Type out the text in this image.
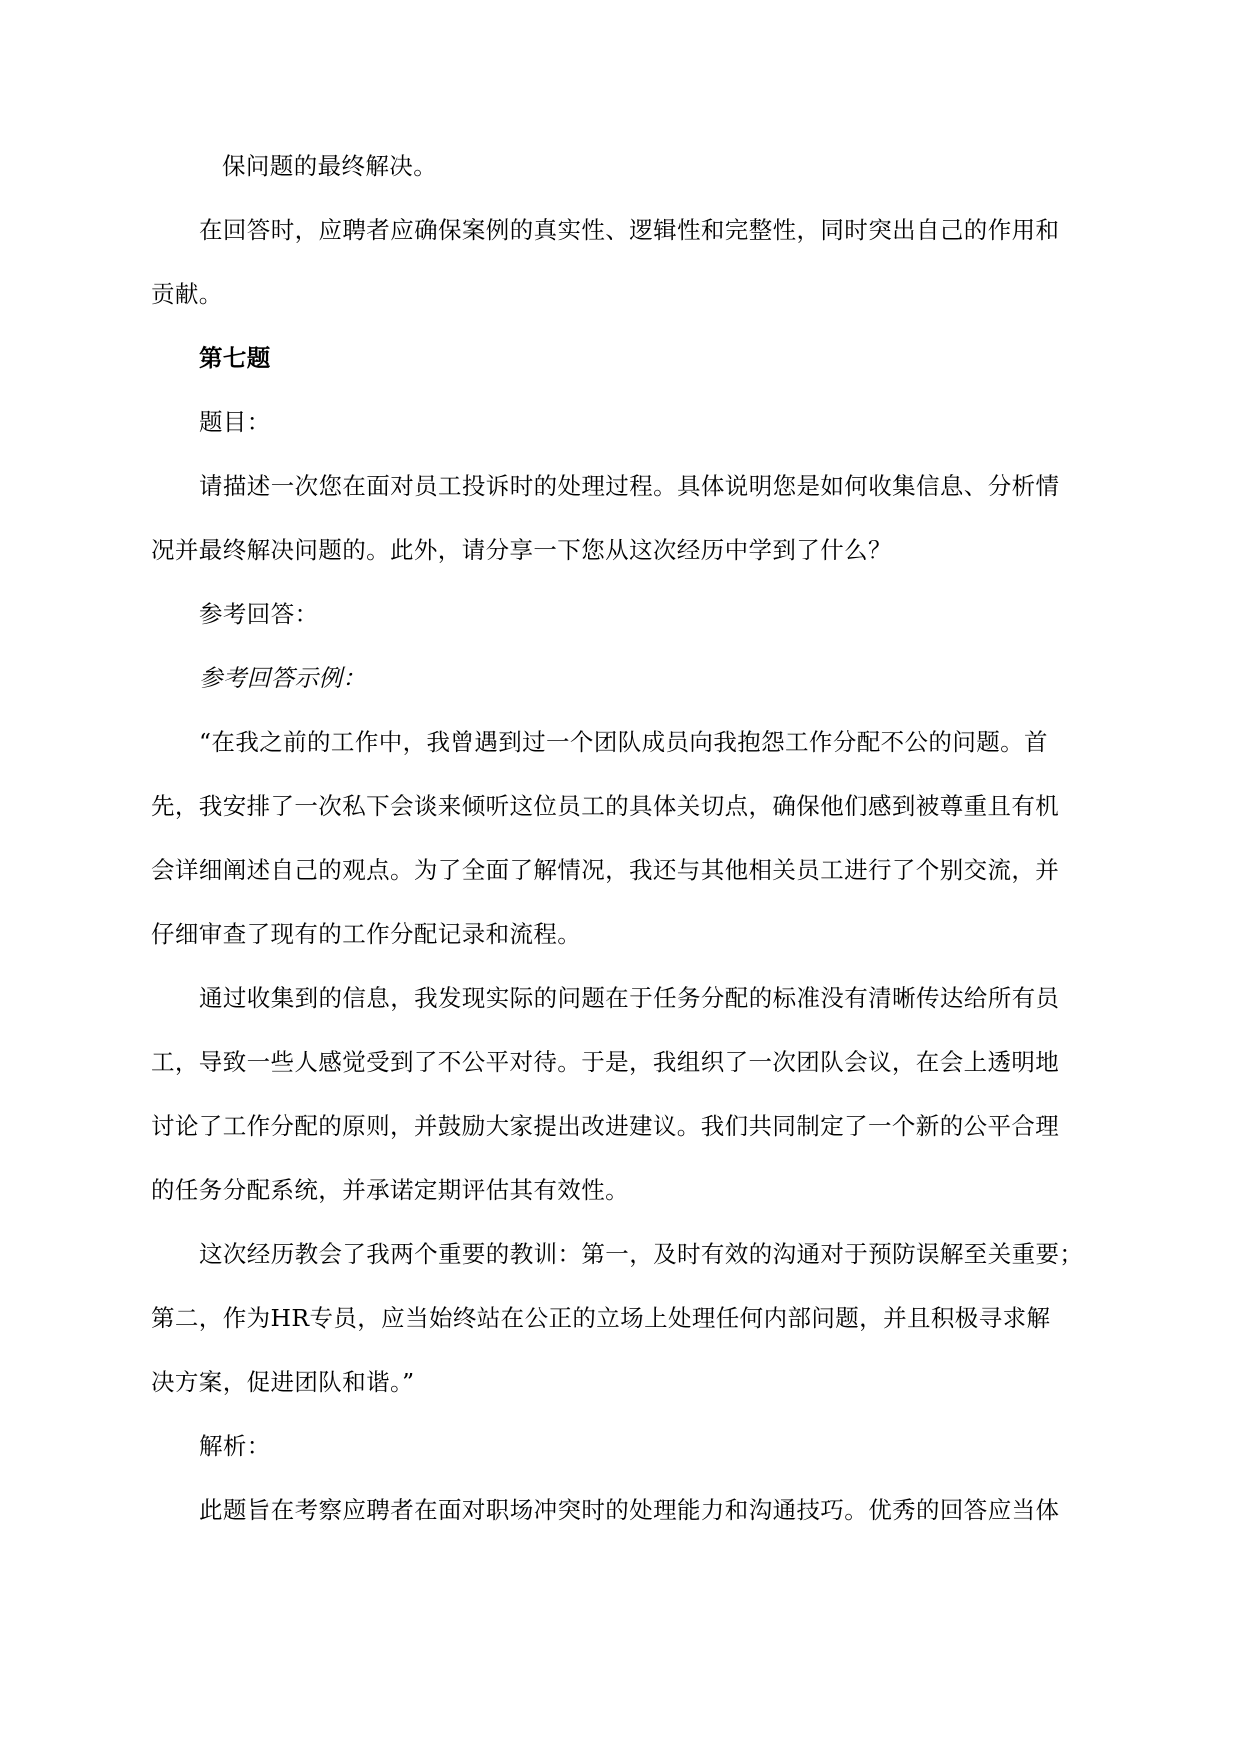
保问题的最终解决。
在回答时，应聘者应确保案例的真实性、逻辑性和完整性，同时突出自己的作用和
贡献。
第七题
题目：
请描述一次您在面对员工投诉时的处理过程。具体说明您是如何收集信息、分析情
况并最终解决问题的。此外，请分享一下您从这次经历中学到了什么？
参考回答：
参考回答示例：
“在我之前的工作中，我曾遇到过一个团队成员向我抱怨工作分配不公的问题。首
先，我安排了一次私下会谈来倾听这位员工的具体关切点，确保他们感到被尊重且有机
会详细阐述自己的观点。为了全面了解情况，我还与其他相关员工进行了个别交流，并
仔细审查了现有的工作分配记录和流程。
通过收集到的信息，我发现实际的问题在于任务分配的标准没有清晰传达给所有员
工，导致一些人感觉受到了不公平对待。于是，我组织了一次团队会议，在会上透明地
讨论了工作分配的原则，并鼓励大家提出改进建议。我们共同制定了一个新的公平合理
的任务分配系统，并承诺定期评估其有效性。
这次经历教会了我两个重要的教训：第一，及时有效的沟通对于预防误解至关重要；
第二，作为HR专员，应当始终站在公正的立场上处理任何内部问题，并且积极寻求解
决方案，促进团队和谐。”
解析：
此题旨在考察应聘者在面对职场冲突时的处理能力和沟通技巧。优秀的回答应当体
